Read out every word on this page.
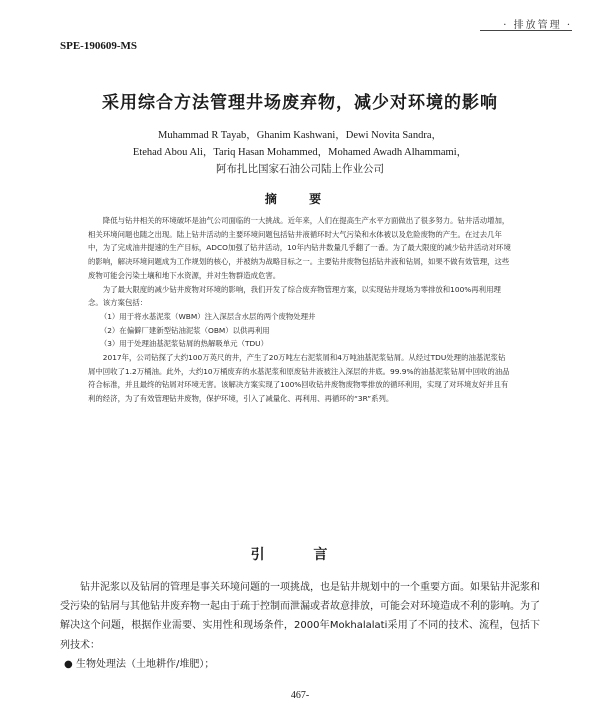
· 排放管理 ·
SPE-190609-MS
采用综合方法管理井场废弃物，减少对环境的影响
Muhammad R Tayab，Ghanim Kashwani，Dewi Novita Sandra，
Etehad Abou Ali，Tariq Hasan Mohammed，Mohamed Awadh Alhammami，
阿布扎比国家石油公司陆上作业公司
摘 要

降低与钻井相关的环境破坏是油气公司面临的一大挑战。近年来，人们在提高生产水平方面做出了很多努力。钻井活动增加，相关环境问题也随之出现。陆上钻井活动的主要环境问题包括钻井液循环时大气污染和水体被以及危险废物的产生。在过去几年中，为了完成油井提速的生产目标，ADCO加强了钻井活动，10年内钻井数量几乎翻了一番。为了最大限度的减少钻井活动对环境的影响，解决环境问题成为工作规划的核心，并被纳为战略目标之一。主要钻井废物包括钻井液和钻屑，如果不做有效管理，这些废物可能会污染土壤和地下水资源，并对生物群造成危害。

为了最大限度的减少钻井废物对环境的影响，我们开发了综合废弃物管理方案，以实现钻井现场为零排放和100%再利用理念。该方案包括：

（1）用于将水基泥浆（WBM）注入深层含水层的两个废物处理井

（2）在偏僻厂建新型钻油泥浆（OBM）以供再利用

（3）用于处理油基泥浆钻屑的热解吸单元（TDU）

2017年，公司钻探了大约100万英尺的井，产生了20万吨左右泥浆屑和4万吨油基泥浆钻屑。从经过TDU处理的油基泥浆钻屑中回收了1.2万桶油。此外，大约10万桶废弃的水基泥浆和原废钻井液被注入深层的井底。99.9%的油基泥浆钻屑中回收的油品符合标准，并且最终的钻屑对环境无害。该解决方案实现了100%回收钻井废物废物零排放的循环利用，实现了对环境友好并且有利的经济，为了有效管理钻井废物，保护环境，引入了减量化、再利用、再循环的“3R”系列。

引 言

钻井泥浆以及钻屑的管理是事关环境问题的一项挑战，也是钻井规划中的一个重要方面。如果钻井泥浆和受污染的钻屑与其他钻井废弃物一起由于疏于控制而泄漏或者故意排放，可能会对环境造成不利的影响。为了解决这个问题，根据作业需要、实用性和现场条件，2000年Mokhalalati采用了不同的技术、流程，包括下列技术：

● 生物处理法（土地耕作/堆肥）；

467-
